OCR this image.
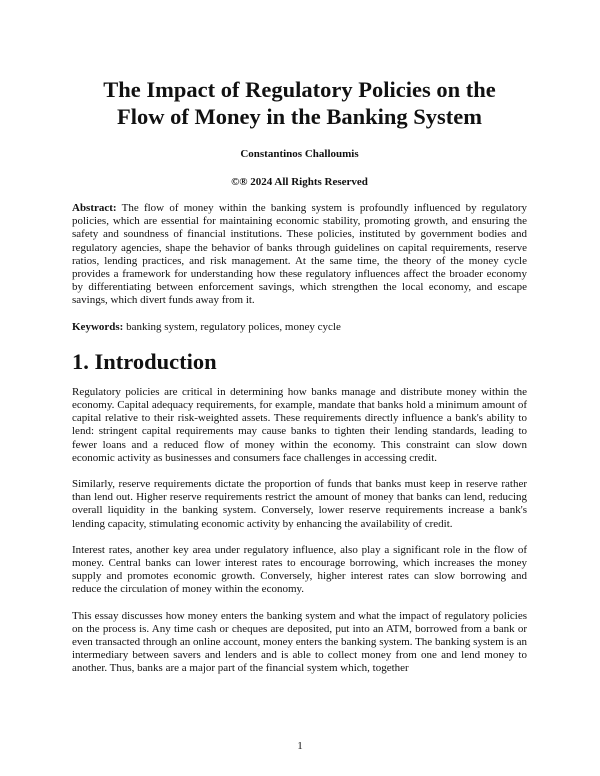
The Impact of Regulatory Policies on the
Flow of Money in the Banking System
Constantinos Challoumis
©® 2024 All Rights Reserved

Abstract: The flow of money within the banking system is profoundly influenced by regulatory policies, which are essential for maintaining economic stability, promoting growth, and ensuring the safety and soundness of financial institutions. These policies, instituted by government bodies and regulatory agencies, shape the behavior of banks through guidelines on capital requirements, reserve ratios, lending practices, and risk management. At the same time, the theory of the money cycle provides a framework for understanding how these regulatory influences affect the broader economy by differentiating between enforcement savings, which strengthen the local economy, and escape savings, which divert funds away from it.

Keywords: banking system, regulatory polices, money cycle

1. Introduction

Regulatory policies are critical in determining how banks manage and distribute money within the economy. Capital adequacy requirements, for example, mandate that banks hold a minimum amount of capital relative to their risk-weighted assets. These requirements directly influence a bank's ability to lend: stringent capital requirements may cause banks to tighten their lending standards, leading to fewer loans and a reduced flow of money within the economy. This constraint can slow down economic activity as businesses and consumers face challenges in accessing credit.

Similarly, reserve requirements dictate the proportion of funds that banks must keep in reserve rather than lend out. Higher reserve requirements restrict the amount of money that banks can lend, reducing overall liquidity in the banking system. Conversely, lower reserve requirements increase a bank's lending capacity, stimulating economic activity by enhancing the availability of credit.

Interest rates, another key area under regulatory influence, also play a significant role in the flow of money. Central banks can lower interest rates to encourage borrowing, which increases the money supply and promotes economic growth. Conversely, higher interest rates can slow borrowing and reduce the circulation of money within the economy.

This essay discusses how money enters the banking system and what the impact of regulatory policies on the process is. Any time cash or cheques are deposited, put into an ATM, borrowed from a bank or even transacted through an online account, money enters the banking system. The banking system is an intermediary between savers and lenders and is able to collect money from one and lend money to another. Thus, banks are a major part of the financial system which, together

1
